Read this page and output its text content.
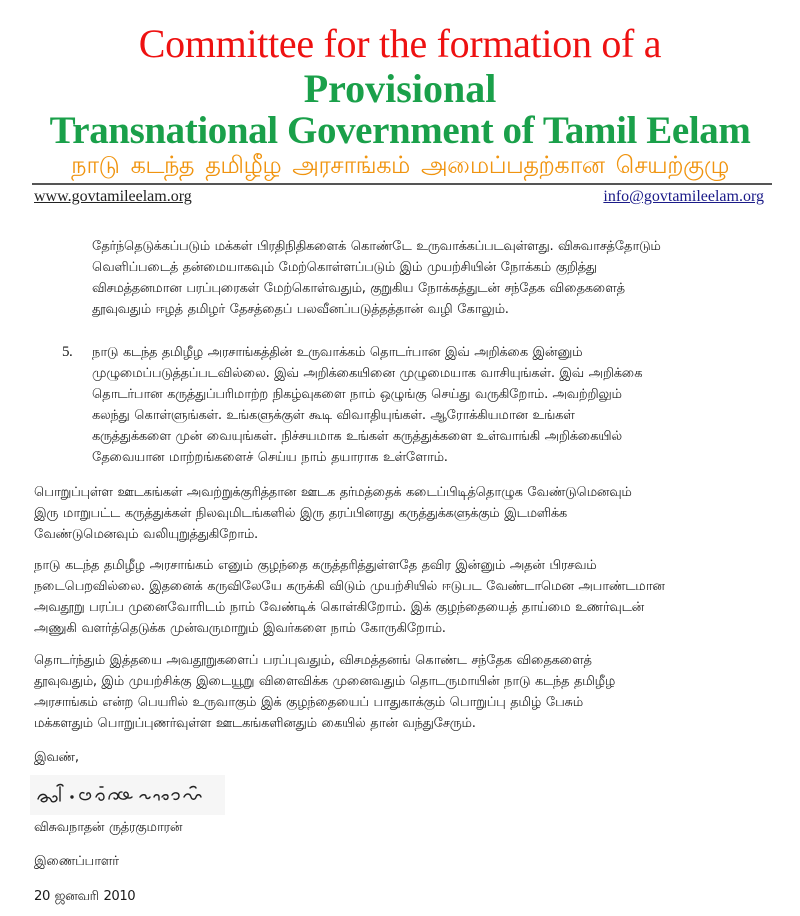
Committee for the formation of a
Provisional
Transnational Government of Tamil Eelam
நாடு கடந்த தமிழீழ அரசாங்கம் அமைப்பதற்கான செயற்குழு
www.govtamileelam.org	info@govtamileelam.org
தேர்ந்தெடுக்கப்படும் மக்கள் பிரதிநிதிகளைக் கொண்டே உருவாக்கப்படவுள்ளது. விசுவாசத்தோடும்
வெளிப்படைத் தன்மையாகவும் மேற்கொள்ளப்படும் இம் முயற்சியின் நோக்கம் குறித்து
விசமத்தனமான பரப்புரைகள் மேற்கொள்வதும், குறுகிய நோக்கத்துடன் சந்தேக விதைகளைத்
தூவுவதும் ஈழத் தமிழர் தேசத்தைப் பலவீனப்படுத்தத்தான் வழி கோலும்.
5. நாடு கடந்த தமிழீழ அரசாங்கத்தின் உருவாக்கம் தொடர்பான இவ் அறிக்கை இன்னும்
முழுமைப்படுத்தப்படவில்லை. இவ் அறிக்கையினை முழுமையாக வாசியுங்கள். இவ் அறிக்கை
தொடர்பான கருத்துப்பரிமாற்ற நிகழ்வுகளை நாம் ஒழுங்கு செய்து வருகிறோம். அவற்றிலும்
கலந்து கொள்ளுங்கள். உங்களுக்குள் கூடி விவாதியுங்கள். ஆரோக்கியமான உங்கள்
கருத்துக்களை முன் வையுங்கள். நிச்சயமாக உங்கள் கருத்துக்களை உள்வாங்கி அறிக்கையில்
தேவையான மாற்றங்களைச் செய்ய நாம் தயாராக உள்ளோம்.
பொறுப்புள்ள ஊடகங்கள் அவற்றுக்குரித்தான ஊடக தர்மத்தைக் கடைப்பிடித்தொழுக வேண்டுமெனவும்
இரு மாறுபட்ட கருத்துக்கள் நிலவுமிடங்களில் இரு தரப்பினரது கருத்துக்களுக்கும் இடமளிக்க
வேண்டுமெனவும் வலியுறுத்துகிறோம்.
நாடு கடந்த தமிழீழ அரசாங்கம் எனும் குழந்தை கருத்தரித்துள்ளதே தவிர இன்னும் அதன் பிரசவம்
நடைபெறவில்லை. இதனைக் கருவிலேயே கருக்கி விடும் முயற்சியில் ஈடுபட வேண்டாமென அபாண்டமான
அவதூறு பரப்ப முனைவோரிடம் நாம் வேண்டிக் கொள்கிறோம். இக் குழந்தையைத் தாய்மை உணர்வுடன்
அணுகி வளர்த்தெடுக்க முன்வருமாறும் இவர்களை நாம் கோருகிறோம்.
தொடர்ந்தும் இத்தயை அவதூறுகளைப் பரப்புவதும், விசமத்தனங் கொண்ட சந்தேக விதைகளைத்
தூவுவதும், இம் முயற்சிக்கு இடையூறு விளைவிக்க முனைவதும் தொடருமாயின் நாடு கடந்த தமிழீழ
அரசாங்கம் என்ற பெயரில் உருவாகும் இக் குழந்தையைப் பாதுகாக்கும் பொறுப்பு தமிழ் பேசும்
மக்களதும் பொறுப்புணர்வுள்ள ஊடகங்களினதும் கையில் தான் வந்துசேரும்.
இவண்,
விசுவநாதன் ருத்ரகுமாரன்
இணைப்பாளர்
20 ஜனவரி 2010
